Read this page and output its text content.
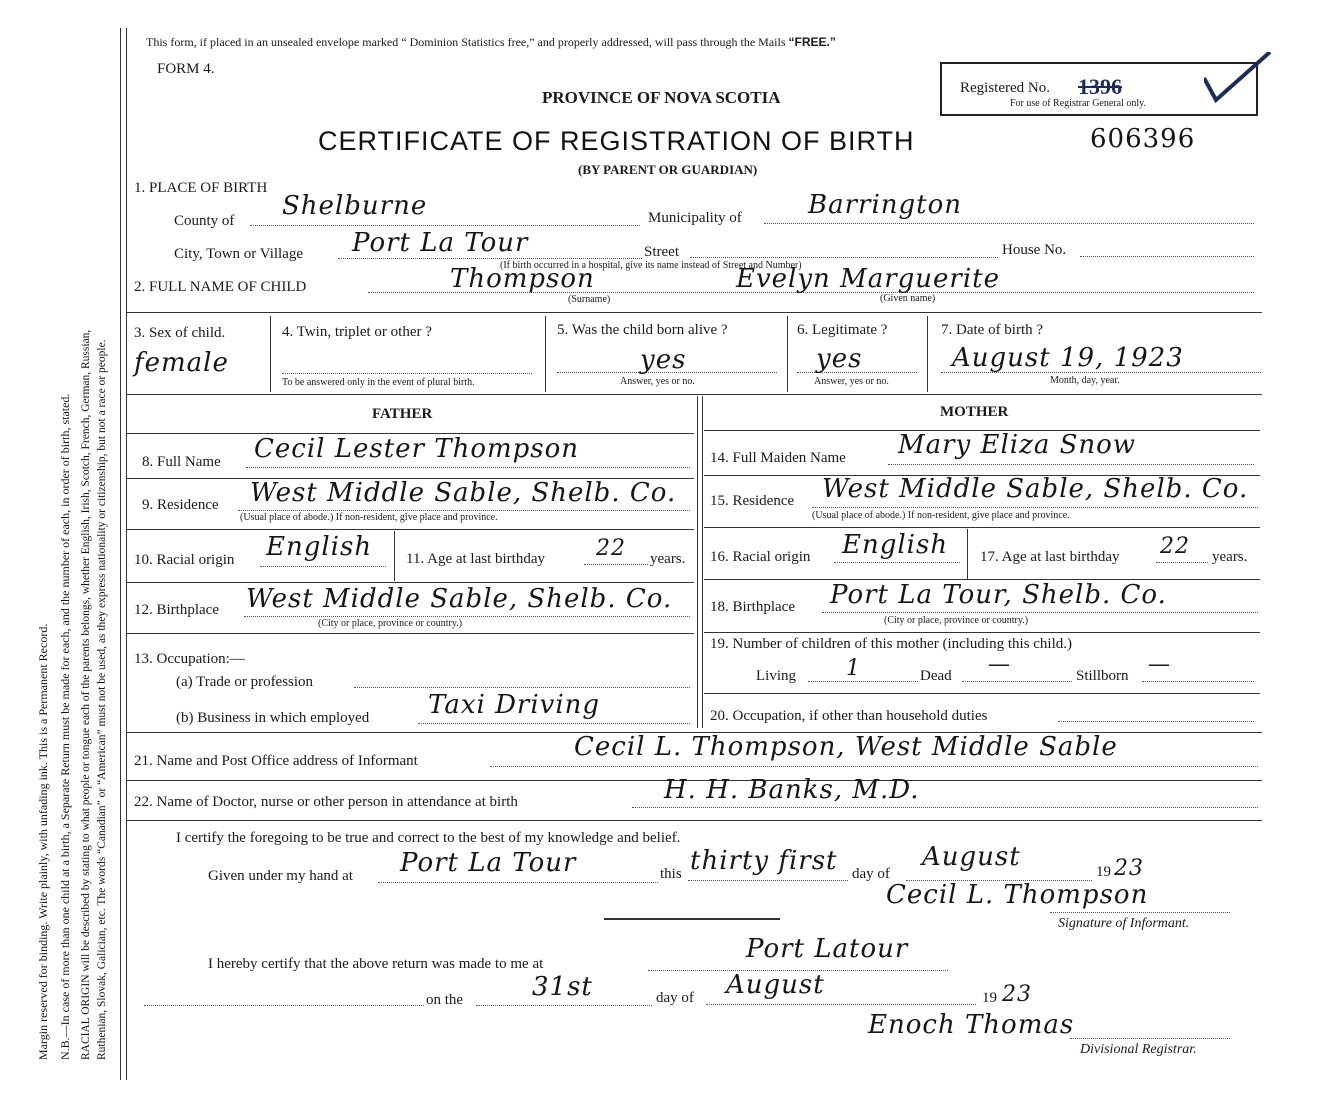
Margin reserved for binding. Write plainly, with unfading ink. This is a Permanent Record. N.B.—In case of more than one child at a birth, a Separate Return must be made for each, and the number of each, in order of birth, stated. RACIAL ORIGIN will be described by stating to what people or tongue each of the parents belongs, whether English, Irish, Scotch, French, German, Russian, Ruthenian, Slovak, Galician, etc. The words “Canadian” or “American” must not be used, as they express nationality or citizenship, but not a race or people.
This form, if placed in an unsealed envelope marked “ Dominion Statistics free,” and properly addressed, will pass through the Mails “FREE.”
FORM 4.
PROVINCE OF NOVA SCOTIA
CERTIFICATE OF REGISTRATION OF BIRTH	606396
(BY PARENT OR GUARDIAN)
Registered No. 1396
For use of Registrar General only.
1. PLACE OF BIRTH
County of Shelburne	Municipality of	Barrington
City, Town or Village Port La Tour	Street	House No.
(If birth occurred in a hospital, give its name instead of Street and Number)
2. FULL NAME OF CHILD	Thompson
(Surname)
Evelyn Marguerite
(Given name)
3. Sex of child.
female
4. Twin, triplet or other ?
To be answered only in the event of plural birth.
5. Was the child born alive ?
yes
Answer, yes or no.
6. Legitimate ?
yes
Answer, yes or no.
7. Date of birth ?
August 19, 1923
Month, day, year.
FATHER	MOTHER
8. Full Name Cecil Lester Thompson
9. Residence West Middle Sable, Shelb. Co.
(Usual place of abode.) If non-resident, give place and province.
10. Racial origin English 11. Age at last birthday 22 years.
12. Birthplace West Middle Sable, Shelb. Co.
(City or place, province or country.)
13. Occupation:—
(a) Trade or profession
(b) Business in which employed Taxi Driving
14. Full Maiden Name Mary Eliza Snow
15. Residence West Middle Sable, Shelb. Co.
(Usual place of abode.) If non-resident, give place and province.
16. Racial origin English 17. Age at last birthday 22 years.
18. Birthplace Port La Tour, Shelb. Co.
(City or place, province or country.)
19. Number of children of this mother (including this child.)
Living 1	Dead —	Stillborn —
20. Occupation, if other than household duties
21. Name and Post Office address of Informant	Cecil L. Thompson, West Middle Sable
22. Name of Doctor, nurse or other person in attendance at birth	H. H. Banks, M.D.
I certify the foregoing to be true and correct to the best of my knowledge and belief.
Given under my hand at Port La Tour	this thirty first day of
August	19 23
Cecil L. Thompson
Signature of Informant.
I hereby certify that the above return was made to me at	Port Latour
on the	31st	day of August	19 23
Enoch Thomas
Divisional Registrar.
